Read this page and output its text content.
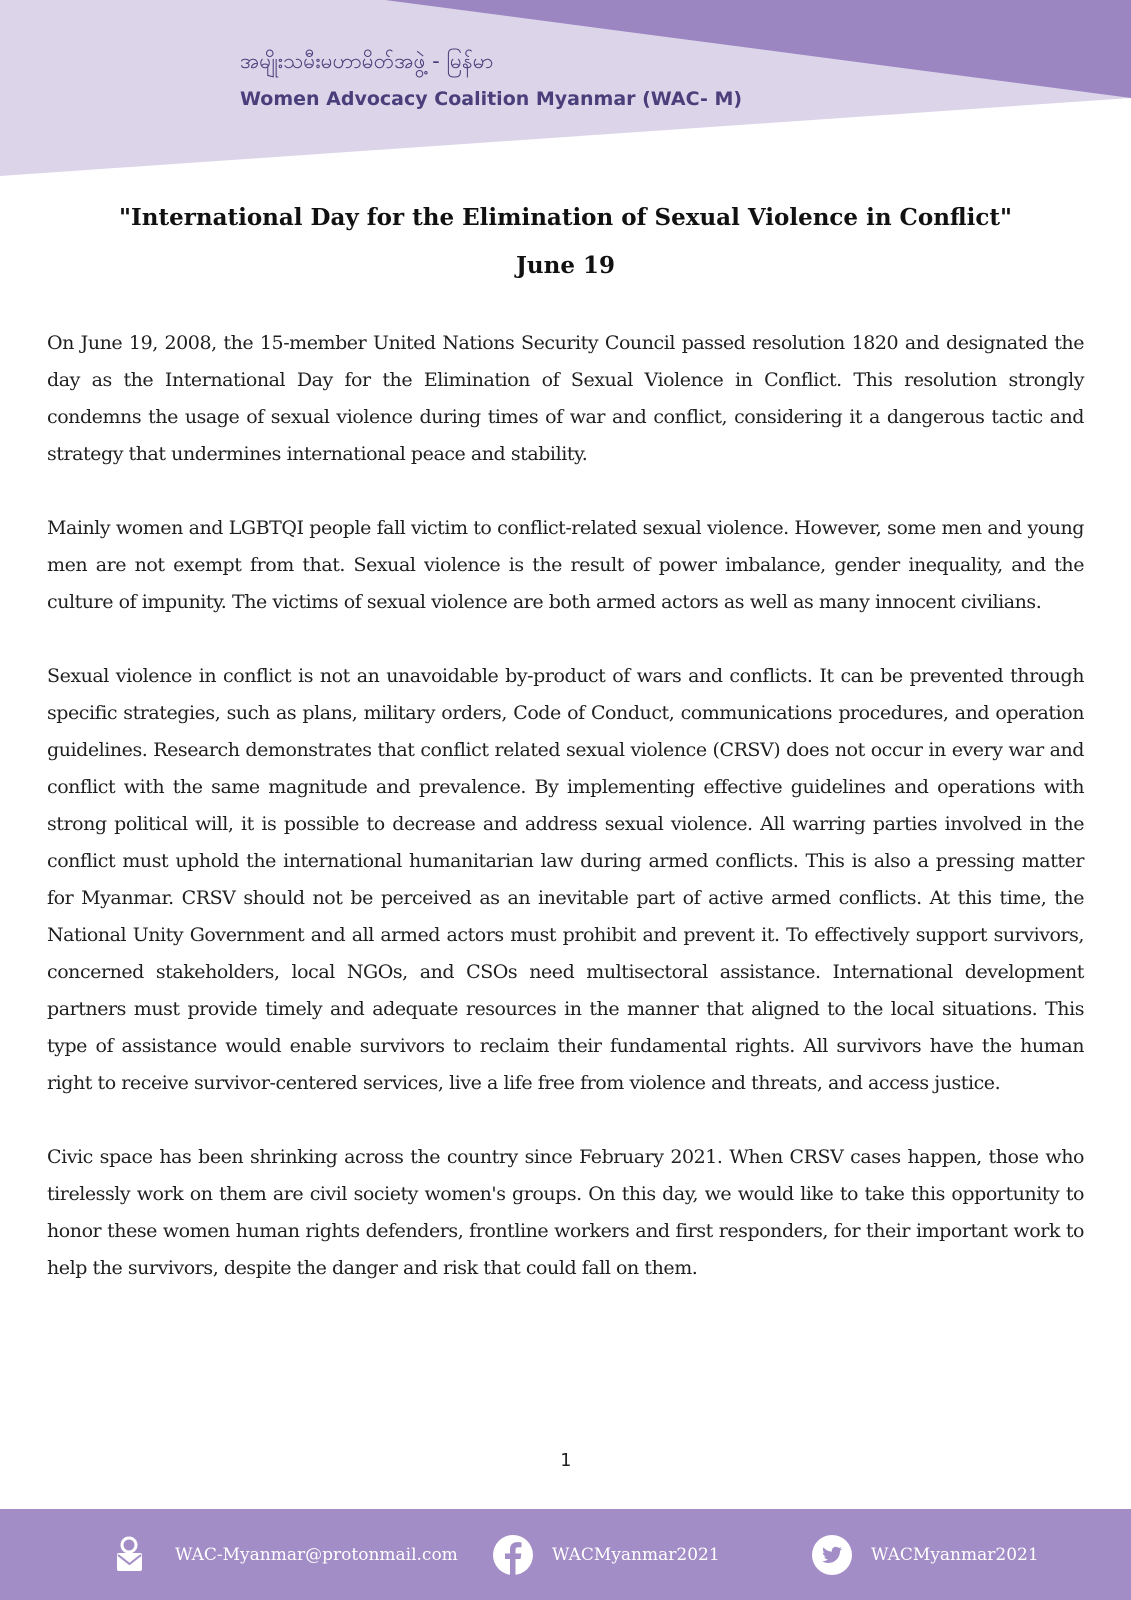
အမျိုးသမီးမဟာမိတ်အဖွဲ့ - မြန်မာ

Women Advocacy Coalition Myanmar (WAC- M)

"International Day for the Elimination of Sexual Violence in Conflict"
June 19

On June 19, 2008, the 15-member United Nations Security Council passed resolution 1820 and designated the day as the International Day for the Elimination of Sexual Violence in Conflict. This resolution strongly condemns the usage of sexual violence during times of war and conflict, considering it a dangerous tactic and strategy that undermines international peace and stability.

Mainly women and LGBTQI people fall victim to conflict-related sexual violence. However, some men and young men are not exempt from that. Sexual violence is the result of power imbalance, gender inequality, and the culture of impunity. The victims of sexual violence are both armed actors as well as many innocent civilians.

Sexual violence in conflict is not an unavoidable by-product of wars and conflicts. It can be prevented through specific strategies, such as plans, military orders, Code of Conduct, communications procedures, and operation guidelines. Research demonstrates that conflict related sexual violence (CRSV) does not occur in every war and conflict with the same magnitude and prevalence. By implementing effective guidelines and operations with strong political will, it is possible to decrease and address sexual violence. All warring parties involved in the conflict must uphold the international humanitarian law during armed conflicts. This is also a pressing matter for Myanmar. CRSV should not be perceived as an inevitable part of active armed conflicts. At this time, the National Unity Government and all armed actors must prohibit and prevent it. To effectively support survivors, concerned stakeholders, local NGOs, and CSOs need multisectoral assistance. International development partners must provide timely and adequate resources in the manner that aligned to the local situations. This type of assistance would enable survivors to reclaim their fundamental rights. All survivors have the human right to receive survivor-centered services, live a life free from violence and threats, and access justice.

Civic space has been shrinking across the country since February 2021. When CRSV cases happen, those who tirelessly work on them are civil society women's groups. On this day, we would like to take this opportunity to honor these women human rights defenders, frontline workers and first responders, for their important work to help the survivors, despite the danger and risk that could fall on them.

1

WAC-Myanmar@protonmail.com	WACMyanmar2021	WACMyanmar2021
